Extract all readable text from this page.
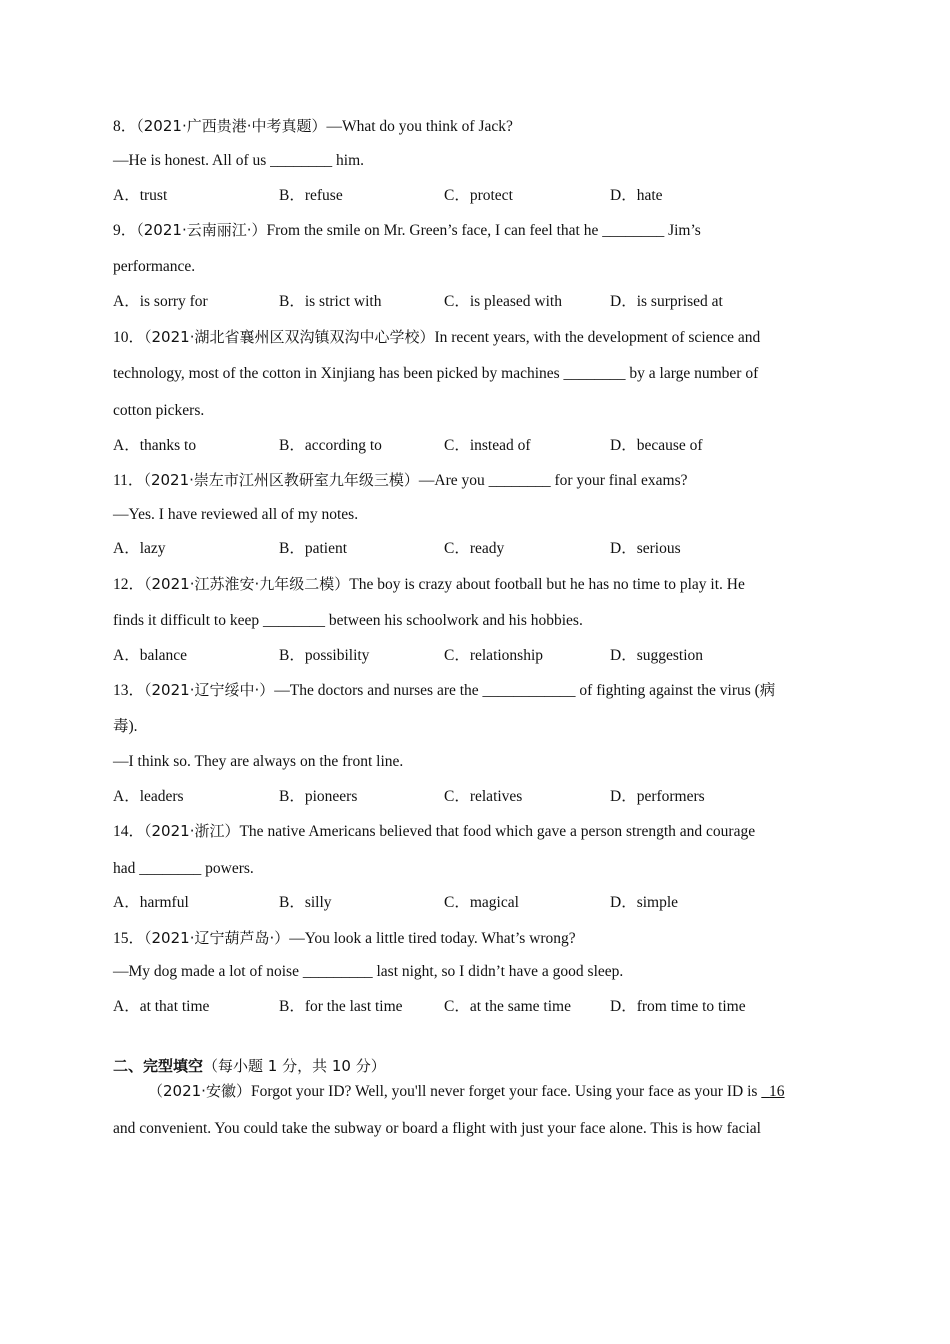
8．（2021·广西贵港·中考真题）—What do you think of Jack?
—He is honest. All of us ________ him.
A．trust	B．refuse	C．protect	D．hate
9．（2021·云南丽江·）From the smile on Mr. Green’s face, I can feel that he ________ Jim’s
performance.
A．is sorry for	B．is strict with	C．is pleased with	D．is surprised at
10．（2021·湖北省襄州区双沟镇双沟中心学校）In recent years, with the development of science and
technology, most of the cotton in Xinjiang has been picked by machines ________ by a large number of
cotton pickers.
A．thanks to	B．according to	C．instead of	D．because of
11．（2021·崇左市江州区教研室九年级三模）—Are you ________ for your final exams?
—Yes. I have reviewed all of my notes.
A．lazy	B．patient	C．ready	D．serious
12．（2021·江苏淮安·九年级二模）The boy is crazy about football but he has no time to play it. He
finds it difficult to keep ________ between his schoolwork and his hobbies.
A．balance	B．possibility	C．relationship	D．suggestion
13．（2021·辽宁绥中·）—The doctors and nurses are the ____________ of fighting against the virus (病
毒).
—I think so. They are always on the front line.
A．leaders	B．pioneers	C．relatives	D．performers
14．（2021·浙江）The native Americans believed that food which gave a person strength and courage
had ________ powers.
A．harmful	B．silly	C．magical	D．simple
15．（2021·辽宁葫芦岛·）—You look a little tired today. What’s wrong?
—My dog made a lot of noise _________ last night, so I didn’t have a good sleep.
A．at that time	B．for the last time	C．at the same time	D．from time to time
二、完型填空（每小题 1 分，共 10 分）
（2021·安徽）Forgot your ID? Well, you'll never forget your face. Using your face as your ID is 16
and convenient. You could take the subway or board a flight with just your face alone. This is how facial
